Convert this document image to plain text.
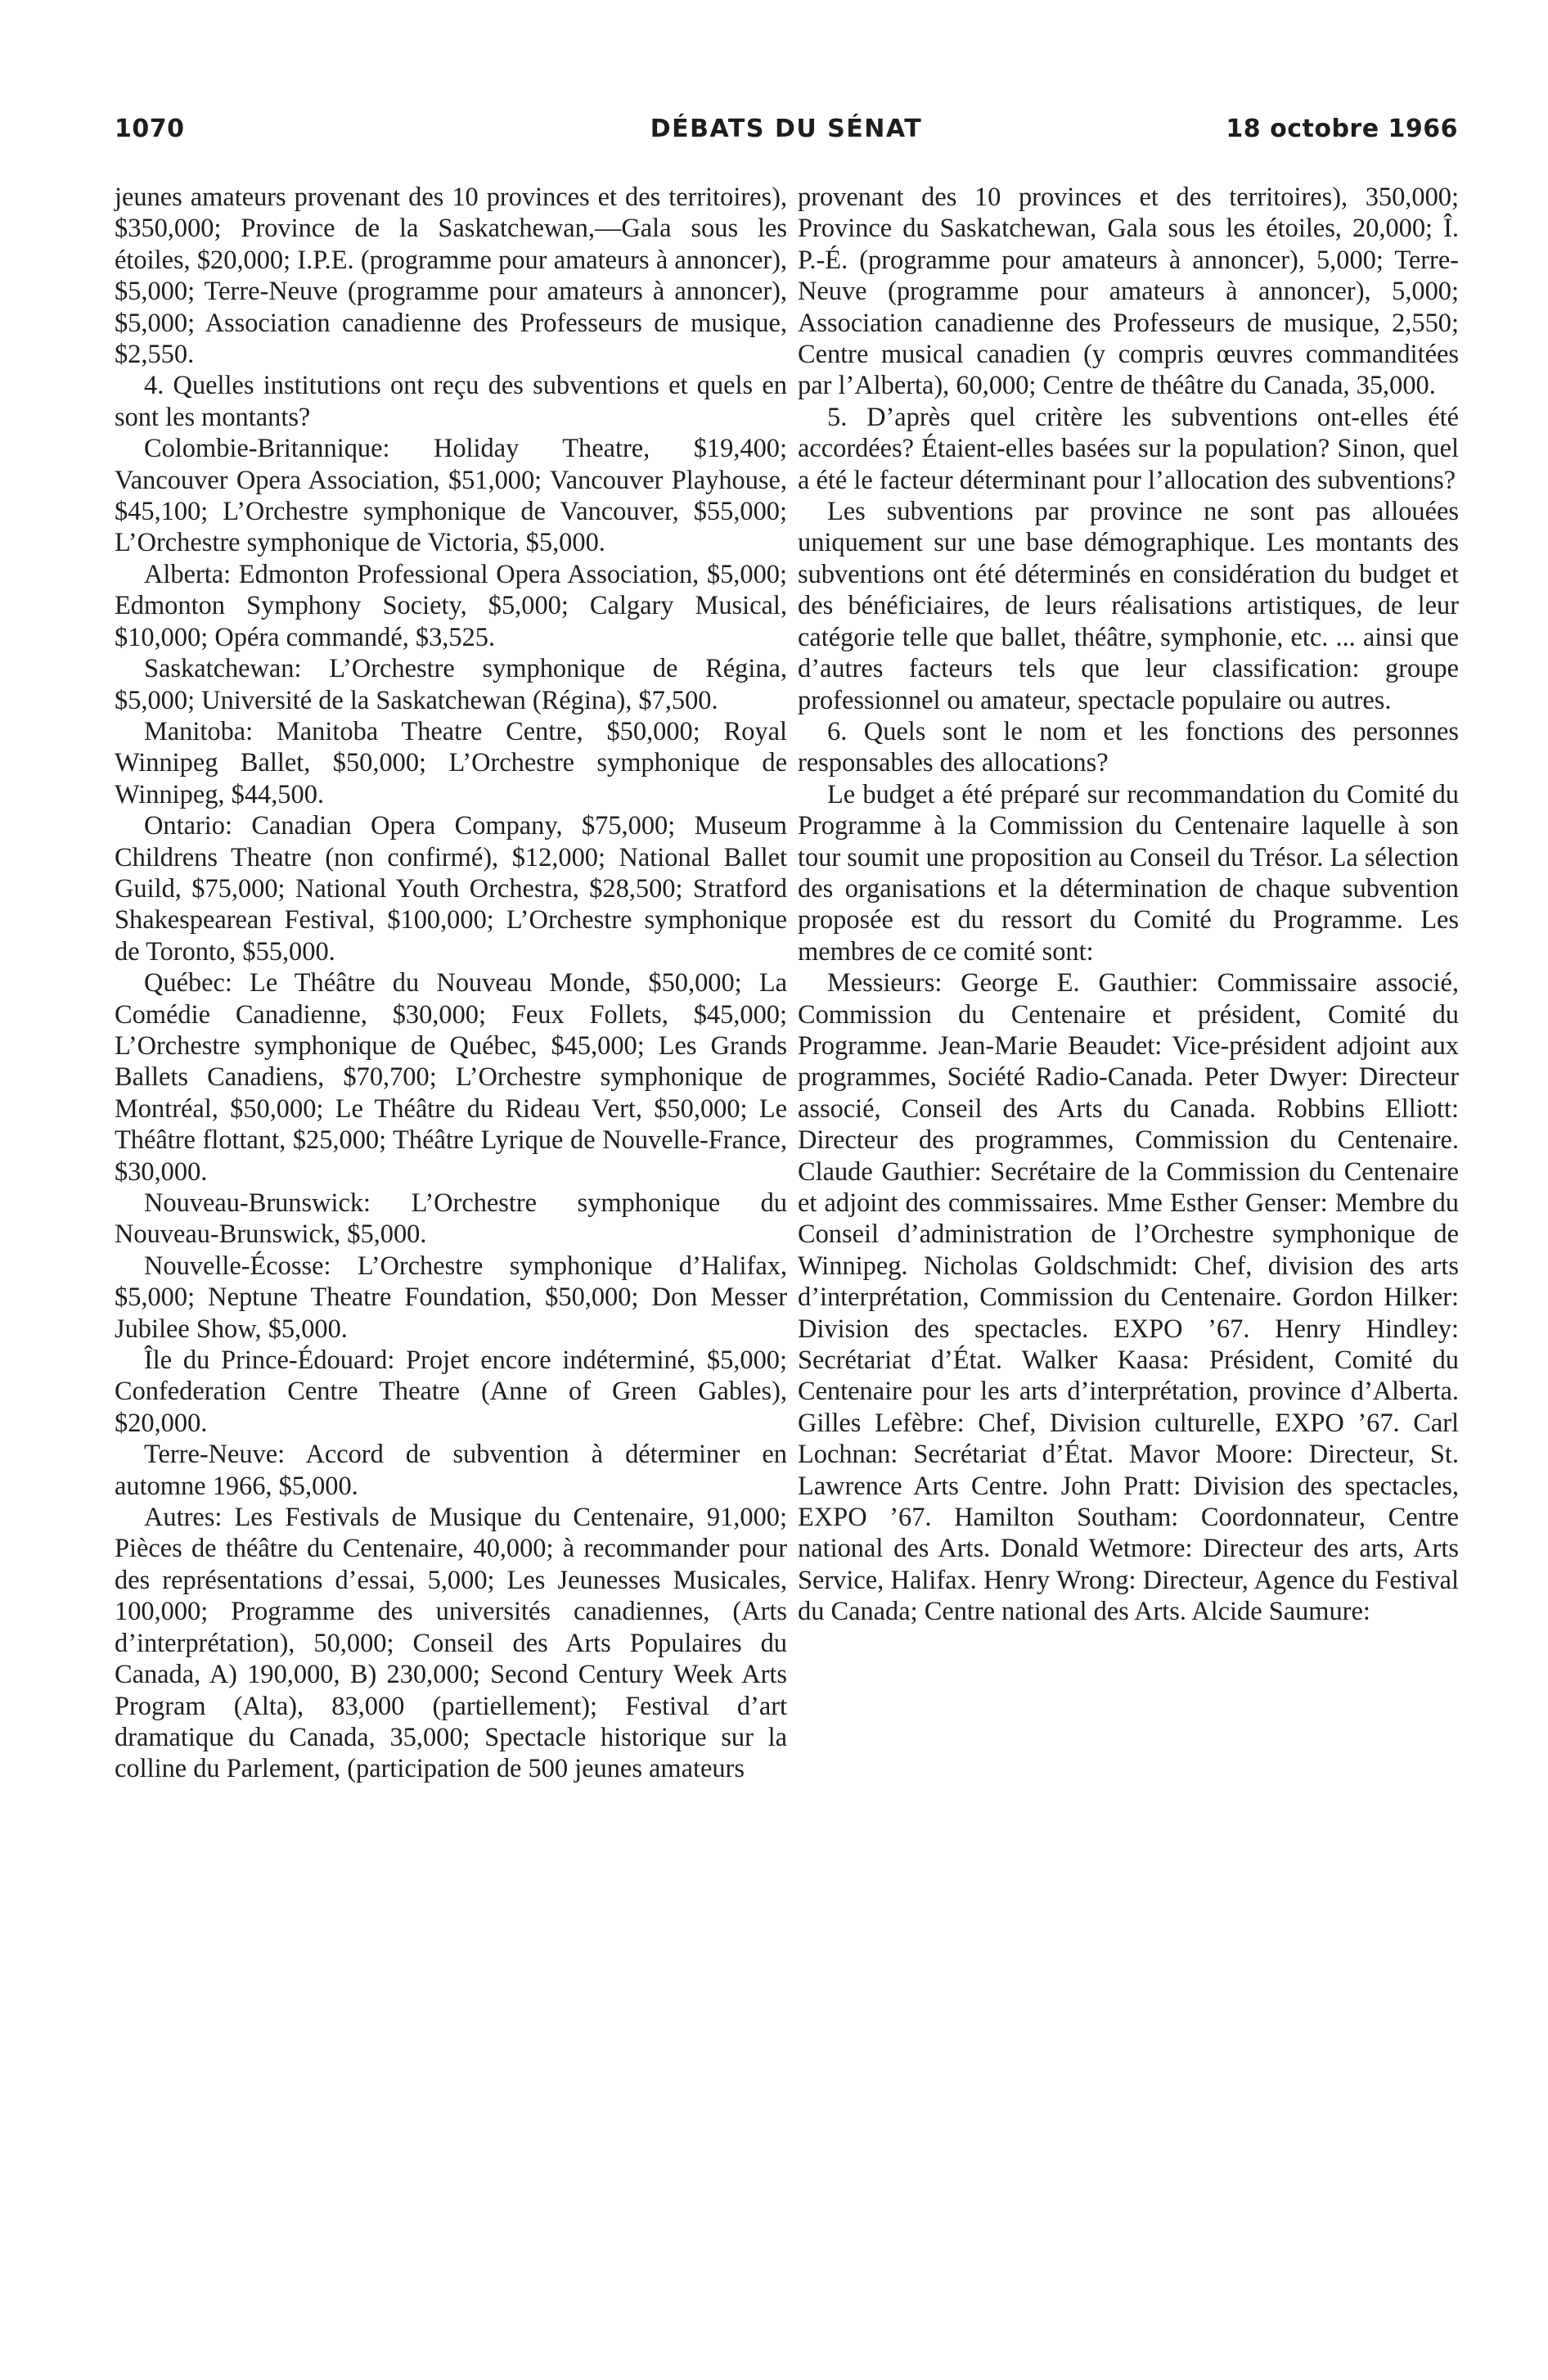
1070	DÉBATS DU SÉNAT	18 octobre 1966

jeunes amateurs provenant des 10 provinces et des territoires), $350,000; Province de la Saskatchewan,—Gala sous les étoiles, $20,000; I.P.E. (programme pour amateurs à annoncer), $5,000; Terre-Neuve (programme pour amateurs à annoncer), $5,000; Association canadienne des Professeurs de musique, $2,550.

4. Quelles institutions ont reçu des subventions et quels en sont les montants?

Colombie-Britannique: Holiday Theatre, $19,400; Vancouver Opera Association, $51,000; Vancouver Playhouse, $45,100; L’Orchestre symphonique de Vancouver, $55,000; L’Orchestre symphonique de Victoria, $5,000.

Alberta: Edmonton Professional Opera Association, $5,000; Edmonton Symphony Society, $5,000; Calgary Musical, $10,000; Opéra commandé, $3,525.

Saskatchewan: L’Orchestre symphonique de Régina, $5,000; Université de la Saskatchewan (Régina), $7,500.

Manitoba: Manitoba Theatre Centre, $50,000; Royal Winnipeg Ballet, $50,000; L’Orchestre symphonique de Winnipeg, $44,500.

Ontario: Canadian Opera Company, $75,000; Museum Childrens Theatre (non confirmé), $12,000; National Ballet Guild, $75,000; National Youth Orchestra, $28,500; Stratford Shakespearean Festival, $100,000; L’Orchestre symphonique de Toronto, $55,000.

Québec: Le Théâtre du Nouveau Monde, $50,000; La Comédie Canadienne, $30,000; Feux Follets, $45,000; L’Orchestre symphonique de Québec, $45,000; Les Grands Ballets Canadiens, $70,700; L’Orchestre symphonique de Montréal, $50,000; Le Théâtre du Rideau Vert, $50,000; Le Théâtre flottant, $25,000; Théâtre Lyrique de Nouvelle-France, $30,000.

Nouveau-Brunswick: L’Orchestre symphonique du Nouveau-Brunswick, $5,000.

Nouvelle-Écosse: L’Orchestre symphonique d’Halifax, $5,000; Neptune Theatre Foundation, $50,000; Don Messer Jubilee Show, $5,000.

Île du Prince-Édouard: Projet encore indéterminé, $5,000; Confederation Centre Theatre (Anne of Green Gables), $20,000.

Terre-Neuve: Accord de subvention à déterminer en automne 1966, $5,000.

Autres: Les Festivals de Musique du Centenaire, 91,000; Pièces de théâtre du Centenaire, 40,000; à recommander pour des représentations d’essai, 5,000; Les Jeunesses Musicales, 100,000; Programme des universités canadiennes, (Arts d’interprétation), 50,000; Conseil des Arts Populaires du Canada, A) 190,000, B) 230,000; Second Century Week Arts Program (Alta), 83,000 (partiellement); Festival d’art dramatique du Canada, 35,000; Spectacle historique sur la colline du Parlement, (participation de 500 jeunes amateurs

provenant des 10 provinces et des territoires), 350,000; Province du Saskatchewan, Gala sous les étoiles, 20,000; Î. P.-É. (programme pour amateurs à annoncer), 5,000; Terre-Neuve (programme pour amateurs à annoncer), 5,000; Association canadienne des Professeurs de musique, 2,550; Centre musical canadien (y compris œuvres commanditées par l’Alberta), 60,000; Centre de théâtre du Canada, 35,000.

5. D’après quel critère les subventions ont-elles été accordées? Étaient-elles basées sur la population? Sinon, quel a été le facteur déterminant pour l’allocation des subventions?

Les subventions par province ne sont pas allouées uniquement sur une base démographique. Les montants des subventions ont été déterminés en considération du budget et des bénéficiaires, de leurs réalisations artistiques, de leur catégorie telle que ballet, théâtre, symphonie, etc. ... ainsi que d’autres facteurs tels que leur classification: groupe professionnel ou amateur, spectacle populaire ou autres.

6. Quels sont le nom et les fonctions des personnes responsables des allocations?

Le budget a été préparé sur recommandation du Comité du Programme à la Commission du Centenaire laquelle à son tour soumit une proposition au Conseil du Trésor. La sélection des organisations et la détermination de chaque subvention proposée est du ressort du Comité du Programme. Les membres de ce comité sont:

Messieurs: George E. Gauthier: Commissaire associé, Commission du Centenaire et président, Comité du Programme. Jean-Marie Beaudet: Vice-président adjoint aux programmes, Société Radio-Canada. Peter Dwyer: Directeur associé, Conseil des Arts du Canada. Robbins Elliott: Directeur des programmes, Commission du Centenaire. Claude Gauthier: Secrétaire de la Commission du Centenaire et adjoint des commissaires. Mme Esther Genser: Membre du Conseil d’administration de l’Orchestre symphonique de Winnipeg. Nicholas Goldschmidt: Chef, division des arts d’interprétation, Commission du Centenaire. Gordon Hilker: Division des spectacles. EXPO ’67. Henry Hindley: Secrétariat d’État. Walker Kaasa: Président, Comité du Centenaire pour les arts d’interprétation, province d’Alberta. Gilles Lefèbre: Chef, Division culturelle, EXPO ’67. Carl Lochnan: Secrétariat d’État. Mavor Moore: Directeur, St. Lawrence Arts Centre. John Pratt: Division des spectacles, EXPO ’67. Hamilton Southam: Coordonnateur, Centre national des Arts. Donald Wetmore: Directeur des arts, Arts Service, Halifax. Henry Wrong: Directeur, Agence du Festival du Canada; Centre national des Arts. Alcide Saumure:
